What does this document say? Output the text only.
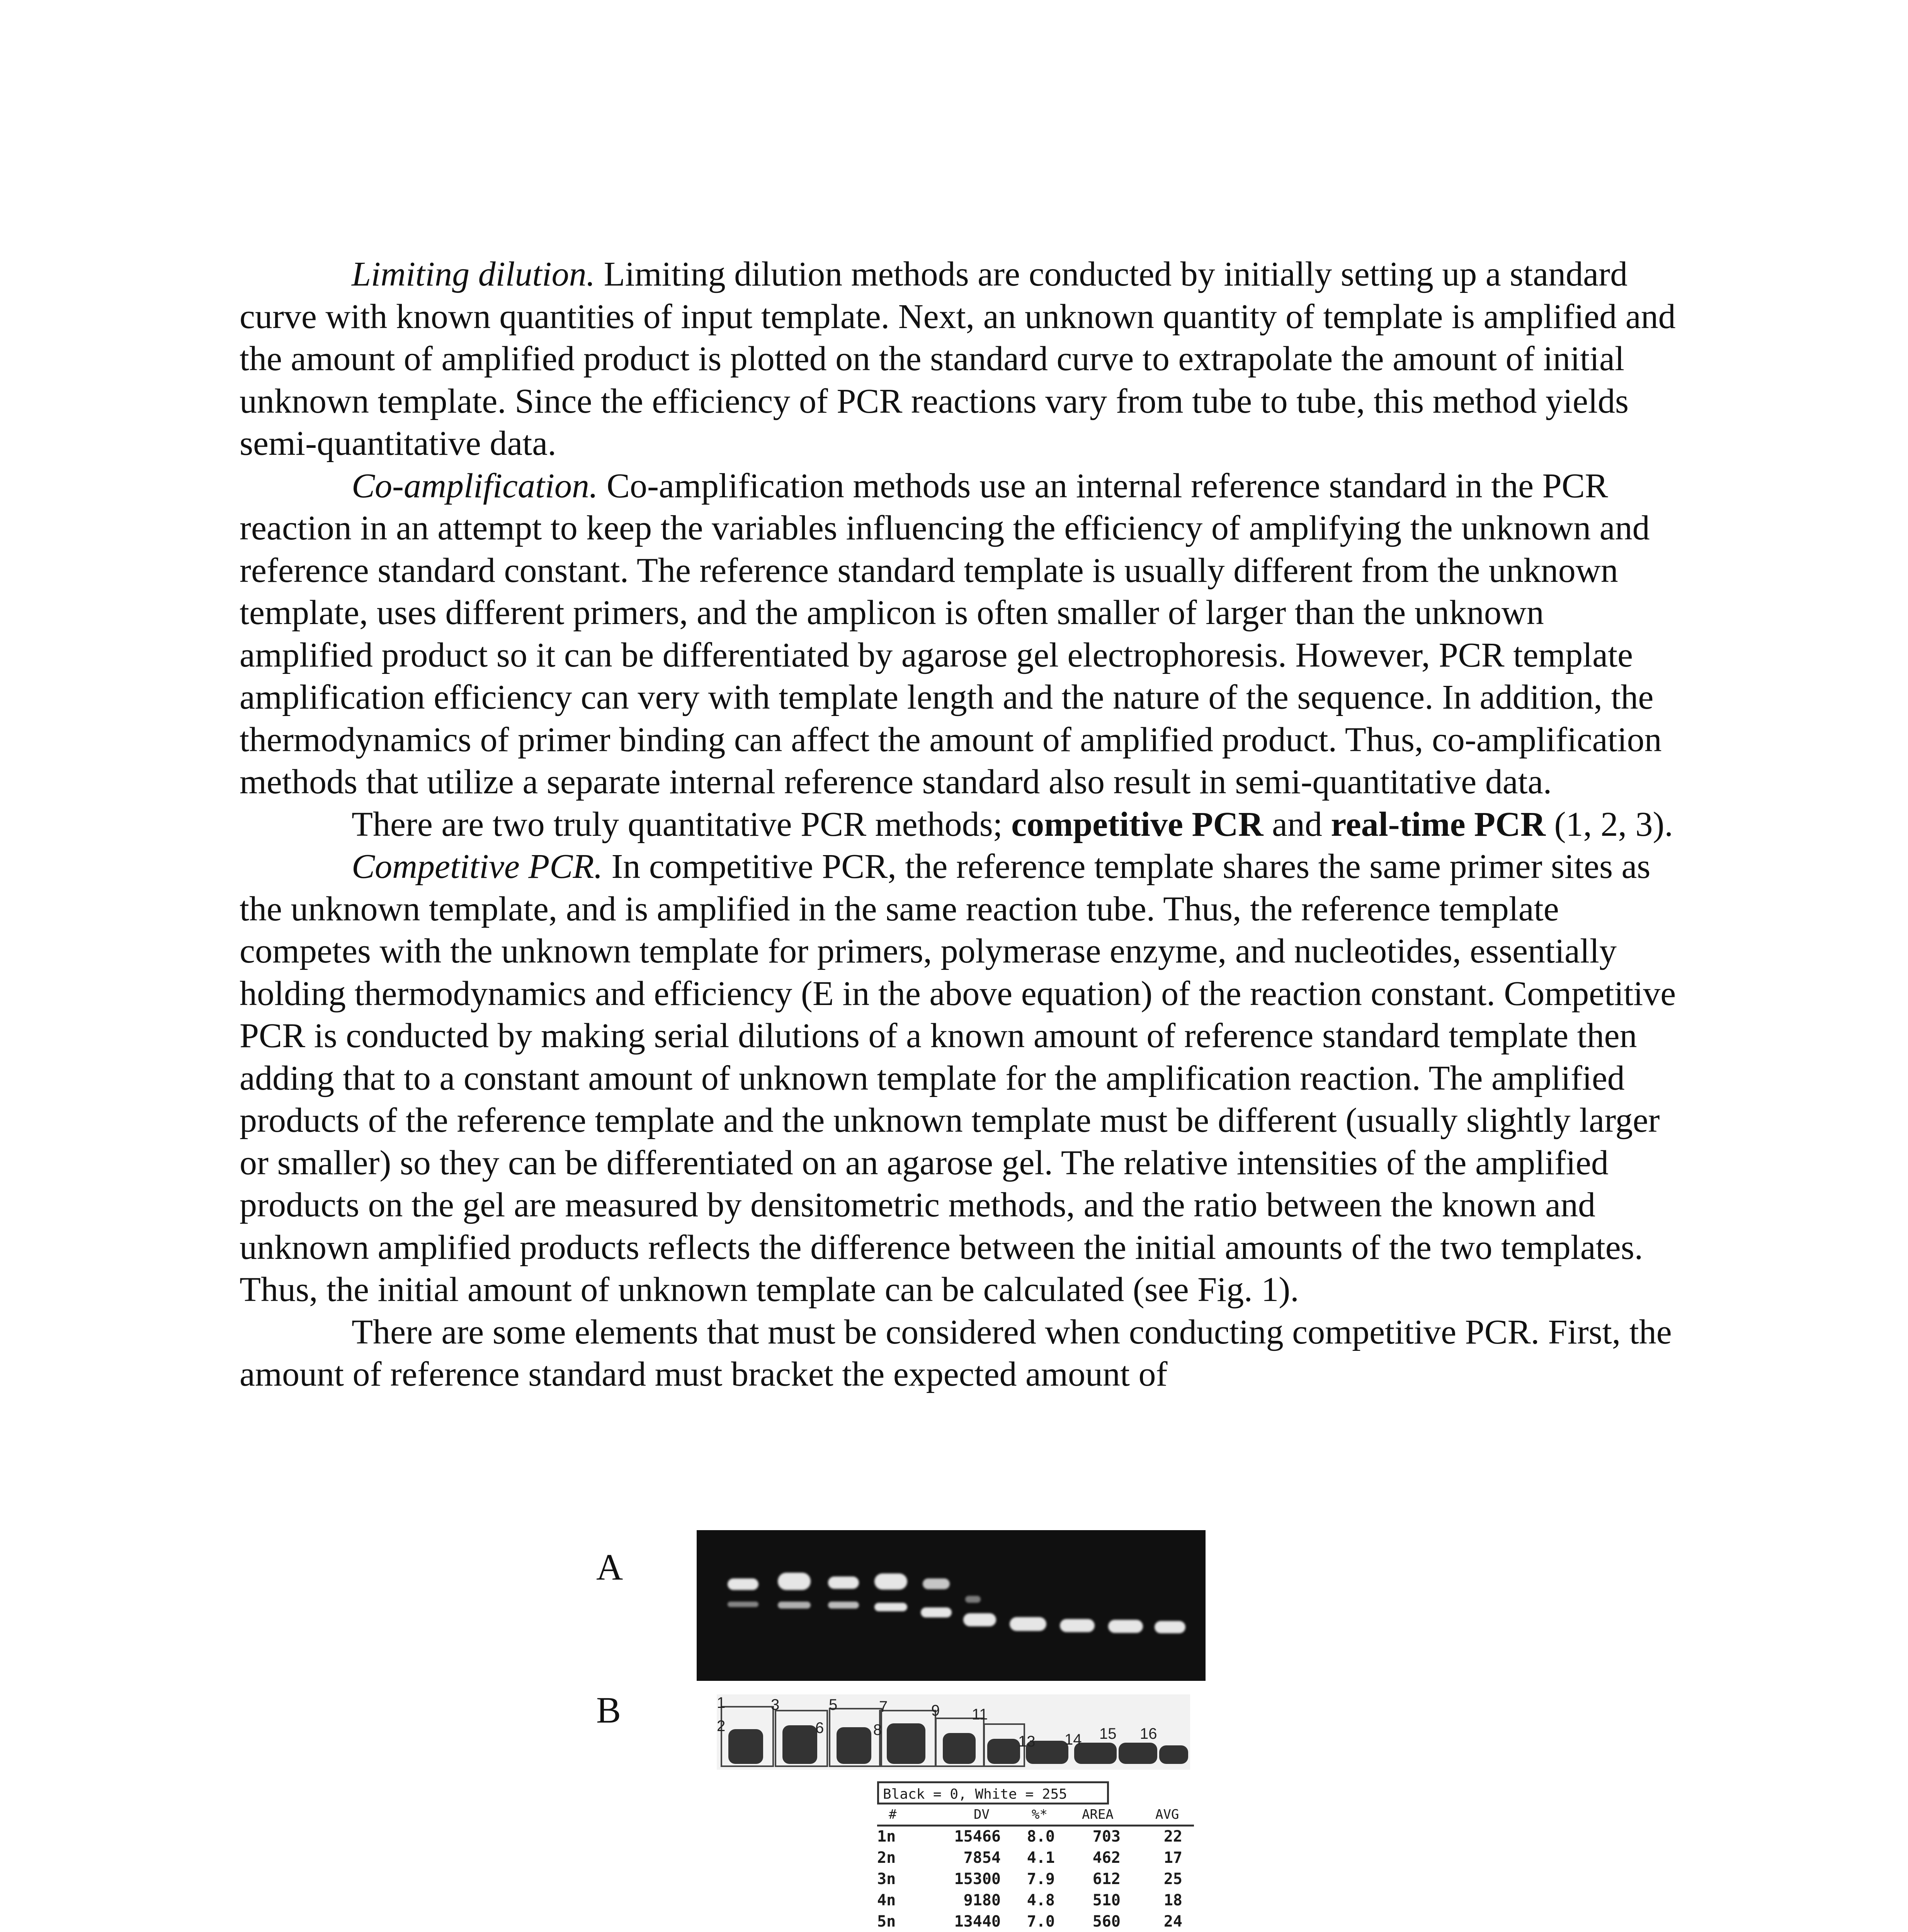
Limiting dilution. Limiting dilution methods are conducted by initially setting up a standard curve with known quantities of input template. Next, an unknown quantity of template is amplified and the amount of amplified product is plotted on the standard curve to extrapolate the amount of initial unknown template. Since the efficiency of PCR reactions vary from tube to tube, this method yields semi-quantitative data.

Co-amplification. Co-amplification methods use an internal reference standard in the PCR reaction in an attempt to keep the variables influencing the efficiency of amplifying the unknown and reference standard constant. The reference standard template is usually different from the unknown template, uses different primers, and the amplicon is often smaller of larger than the unknown amplified product so it can be differentiated by agarose gel electrophoresis. However, PCR template amplification efficiency can very with template length and the nature of the sequence. In addition, the thermodynamics of primer binding can affect the amount of amplified product. Thus, co-amplification methods that utilize a separate internal reference standard also result in semi-quantitative data.

There are two truly quantitative PCR methods; competitive PCR and real-time PCR (1, 2, 3).

Competitive PCR. In competitive PCR, the reference template shares the same primer sites as the unknown template, and is amplified in the same reaction tube. Thus, the reference template competes with the unknown template for primers, polymerase enzyme, and nucleotides, essentially holding thermodynamics and efficiency (E in the above equation) of the reaction constant. Competitive PCR is conducted by making serial dilutions of a known amount of reference standard template then adding that to a constant amount of unknown template for the amplification reaction. The amplified products of the reference template and the unknown template must be different (usually slightly larger or smaller) so they can be differentiated on an agarose gel. The relative intensities of the amplified products on the gel are measured by densitometric methods, and the ratio between the known and unknown amplified products reflects the difference between the initial amounts of the two templates. Thus, the initial amount of unknown template can be calculated (see Fig. 1).

There are some elements that must be considered when conducting competitive PCR. First, the amount of reference standard must bracket the expected amount of

A
B	1
2
3	5
6
7
8
9 11
13 14 15 16
Black = 0, White = 255
#	DV	%*	AREA	AVG
1n	15466	8.0	703	22
2n	7854	4.1	462	17
3n	15300	7.9	612	25
4n	9180	4.8	510	18
5n	13440	7.0	560	24
